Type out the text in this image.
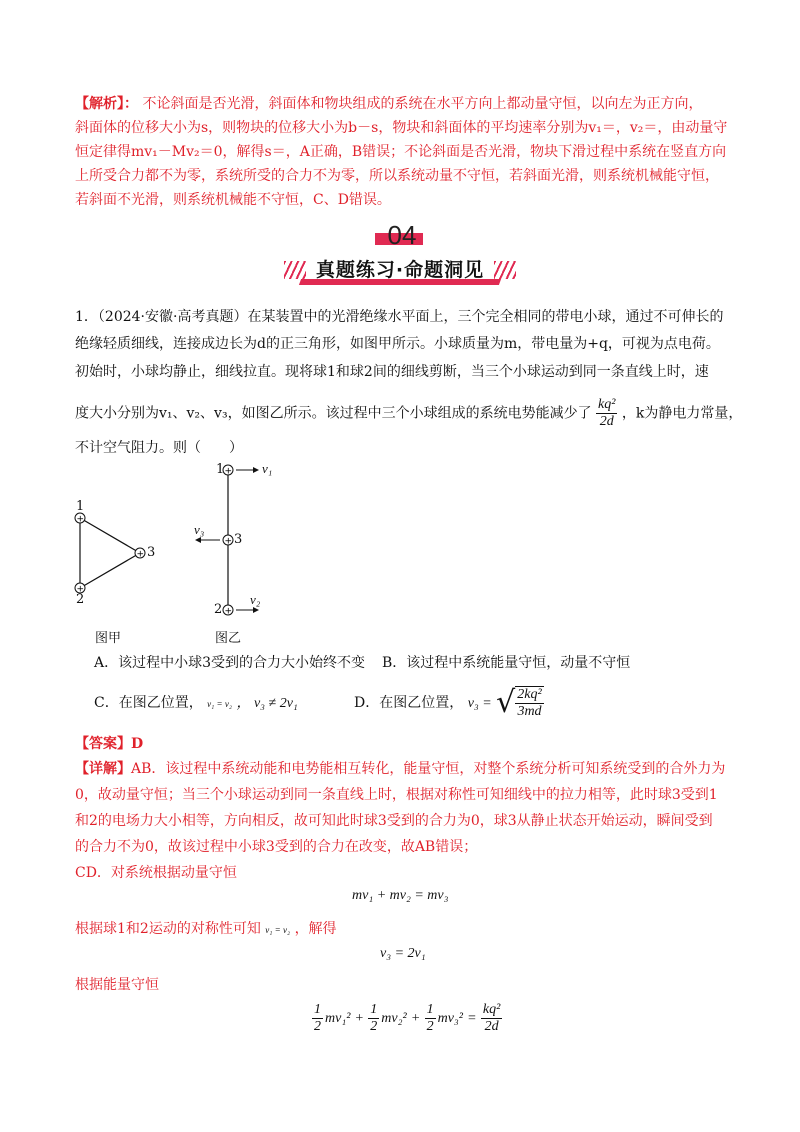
【解析】： 不论斜面是否光滑，斜面体和物块组成的系统在水平方向上都动量守恒，以向左为正方向，
斜面体的位移大小为s，则物块的位移大小为b－s，物块和斜面体的平均速率分别为v₁＝，v₂＝，由动量守
恒定律得mv₁－Mv₂＝0，解得s＝，A正确，B错误；不论斜面是否光滑，物块下滑过程中系统在竖直方向
上所受合力都不为零，系统所受的合力不为零，所以系统动量不守恒，若斜面光滑，则系统机械能守恒，
若斜面不光滑，则系统机械能不守恒，C、D错误。
04
真题练习·命题洞见
1．（2024·安徽·高考真题）在某装置中的光滑绝缘水平面上，三个完全相同的带电小球，通过不可伸长的
绝缘轻质细线，连接成边长为d的正三角形，如图甲所示。小球质量为m，带电量为+q，可视为点电荷。
初始时，小球均静止，细线拉直。现将球1和球2间的细线剪断，当三个小球运动到同一条直线上时，速
度大小分别为v₁、v₂、v₃，如图乙所示。该过程中三个小球组成的系统电势能减少了 $\frac{\text{kq²}}{2d}$ ，k为静电力常量，
不计空气阻力。则（　　）
+
+
+
+
+
+
1
2
3
1
3
2
v₁
v₃
v₂
图甲	图乙
A．该过程中小球3受到的合力大小始终不变 B．该过程中系统能量守恒，动量不守恒
C．在图乙位置， v₁ = v₂ ， v₃ ≠ 2v₁	D．在图乙位置， v₃ = √ $\frac{\text{2kq²}}{3md}$
【答案】D
【详解】AB．该过程中系统动能和电势能相互转化，能量守恒，对整个系统分析可知系统受到的合外力为
0，故动量守恒；当三个小球运动到同一条直线上时，根据对称性可知细线中的拉力相等，此时球3受到1
和2的电场力大小相等，方向相反，故可知此时球3受到的合力为0，球3从静止状态开始运动，瞬间受到
的合力不为0，故该过程中小球3受到的合力在改变，故AB错误；
CD．对系统根据动量守恒
mv₁ + mv₂ = mv₃
根据球1和2运动的对称性可知 v₁ = v₂ ，解得
v₃ = 2v₁
根据能量守恒
$\frac{1}{2} mv_1^2 + \frac{1}{2} mv_2^2 + \frac{1}{2} mv_3^2 = \frac{\text{kq²}}{2d}$
